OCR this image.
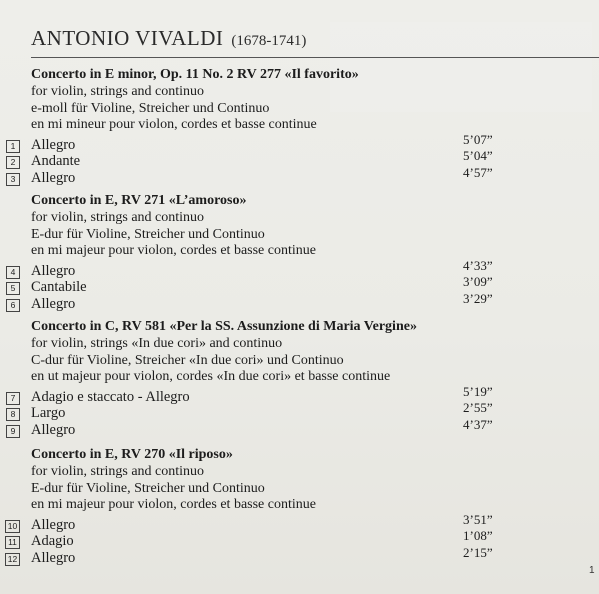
ANTONIO VIVALDI (1678-1741)
Concerto in E minor, Op. 11 No. 2 RV 277 «Il favorito»
for violin, strings and continuo
e-moll für Violine, Streicher und Continuo
en mi mineur pour violon, cordes et basse continue
1	Allegro	5’07”
2	Andante	5’04”
3	Allegro	4’57”
Concerto in E, RV 271 «L’amoroso»
for violin, strings and continuo
E-dur für Violine, Streicher und Continuo
en mi majeur pour violon, cordes et basse continue
4	Allegro	4’33”
5	Cantabile	3’09”
6	Allegro	3’29”
Concerto in C, RV 581 «Per la SS. Assunzione di Maria Vergine»
for violin, strings «In due cori» and continuo
C-dur für Violine, Streicher «In due cori» und Continuo
en ut majeur pour violon, cordes «In due cori» et basse continue
7	Adagio e staccato - Allegro	5’19”
8	Largo	2’55”
9	Allegro	4’37”
Concerto in E, RV 270 «Il riposo»
for violin, strings and continuo
E-dur für Violine, Streicher und Continuo
en mi majeur pour violon, cordes et basse continue
10 Allegro	3’51”
11 Adagio	1’08”
12 Allegro	2’15”
1
